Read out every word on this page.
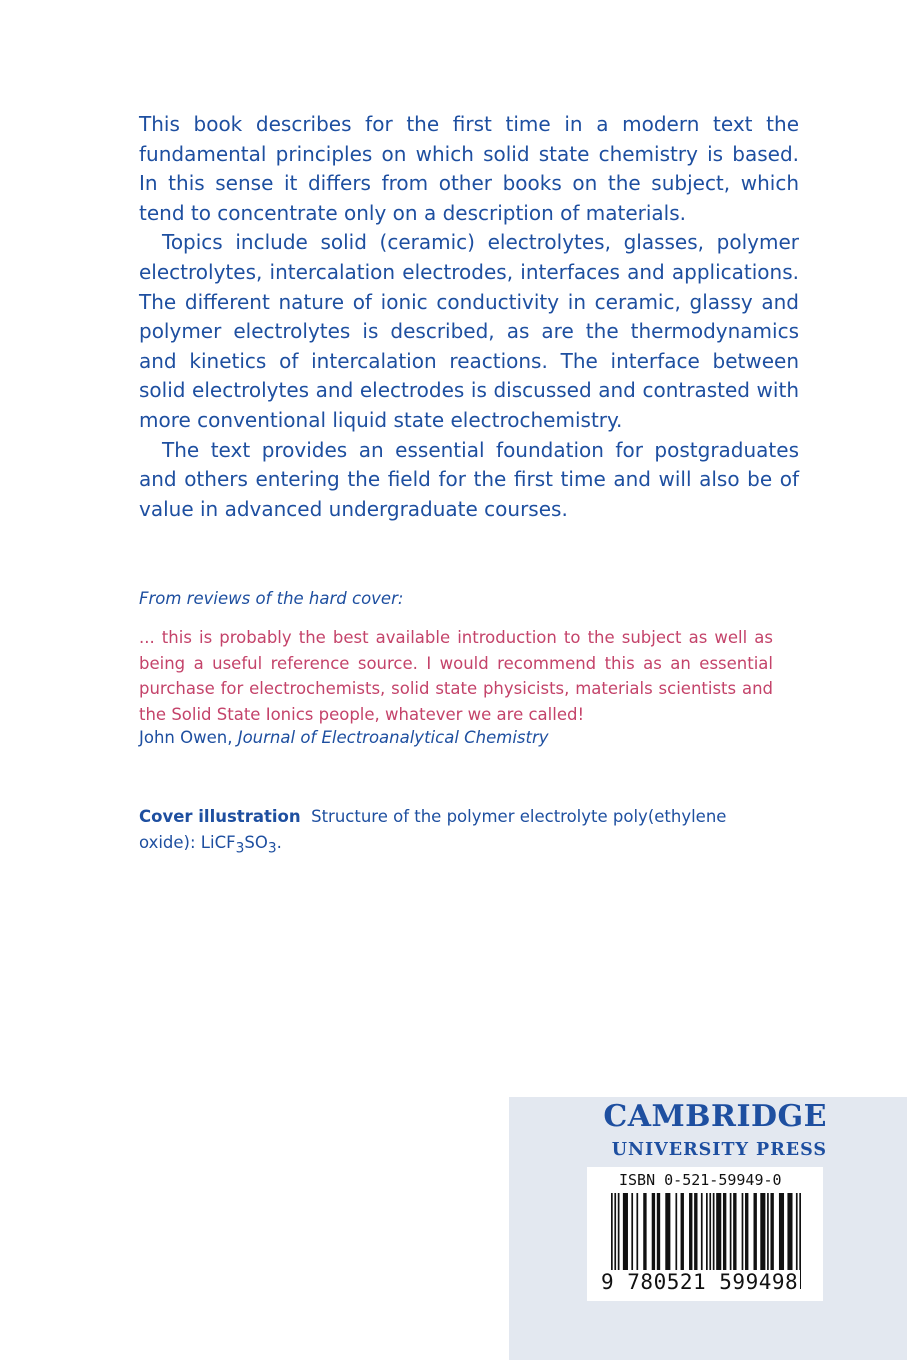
This book describes for the first time in a modern text the fundamental principles on which solid state chemistry is based. In this sense it differs from other books on the subject, which tend to concentrate only on a description of materials.

Topics include solid (ceramic) electrolytes, glasses, polymer electrolytes, intercalation electrodes, interfaces and applications. The different nature of ionic conductivity in ceramic, glassy and polymer electrolytes is described, as are the thermodynamics and kinetics of intercalation reactions. The interface between solid electrolytes and electrodes is discussed and contrasted with more conventional liquid state electrochemistry.

The text provides an essential foundation for postgraduates and others entering the field for the first time and will also be of value in advanced undergraduate courses.

From reviews of the hard cover:

... this is probably the best available introduction to the subject as well as being a useful reference source. I would recommend this as an essential purchase for electrochemists, solid state physicists, materials scientists and the Solid State Ionics people, whatever we are called!

John Owen, Journal of Electroanalytical Chemistry

Cover illustration Structure of the polymer electrolyte poly(ethylene oxide): $LiCF_3SO_3$.

CAMBRIDGE
UNIVERSITY PRESS
ISBN 0-521-59949-0
9 780521 599498
